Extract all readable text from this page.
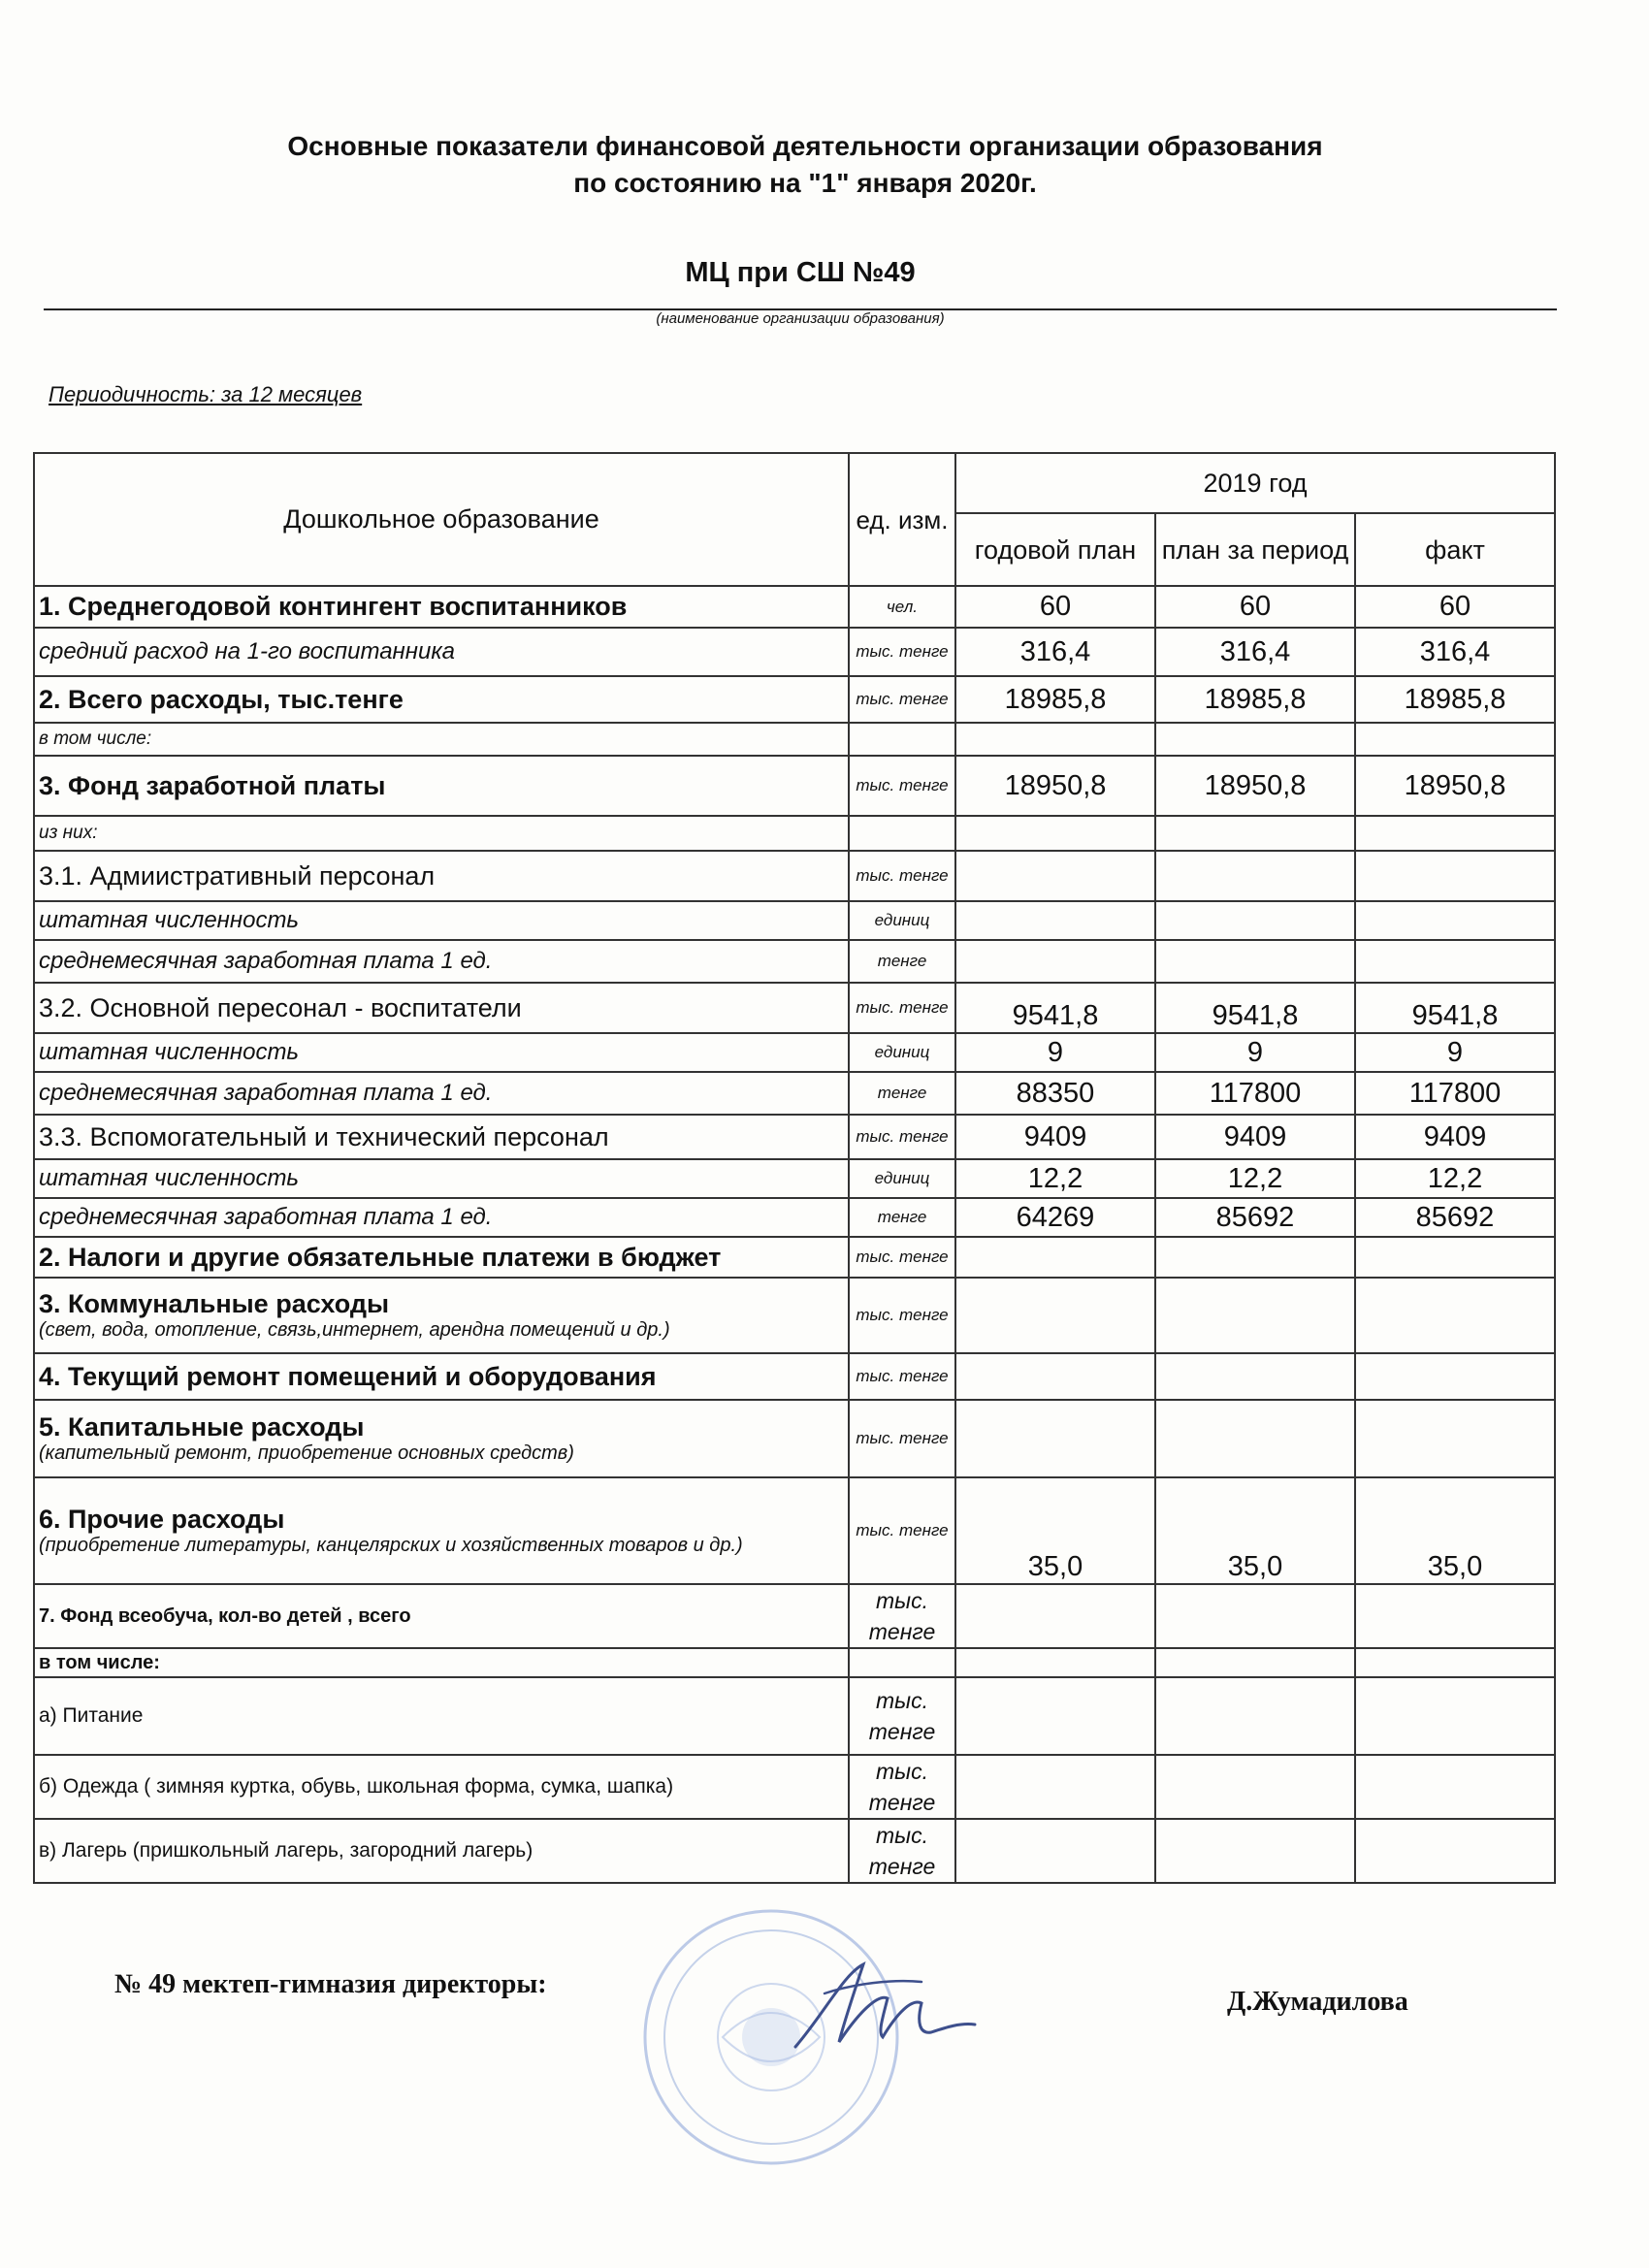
Основные показатели финансовой деятельности организации образования
по состоянию на "1" января 2020г.
МЦ при СШ №49
(наименование организации образования)
Периодичность: за 12 месяцев
Дошкольное образование	ед. изм.	2019 год		
		годовой план	план за период	факт
1. Среднегодовой контингент воспитанников	чел.	60	60	60
средний расход на 1-го воспитанника	тыс. тенге	316,4	316,4	316,4
2. Всего расходы, тыс.тенге	тыс. тенге	18985,8	18985,8	18985,8
в том числе:				
3. Фонд заработной платы	тыс. тенге	18950,8	18950,8	18950,8
из них:				
3.1. Адмиистративный персонал	тыс. тенге			
штатная численность	единиц			
среднемесячная заработная плата 1 ед.	тенге			
3.2. Основной пересонал - воспитатели	тыс. тенге	9541,8	9541,8	9541,8
штатная численность	единиц	9	9	9
среднемесячная заработная плата 1 ед.	тенге	88350	117800	117800
3.3. Вспомогательный и технический персонал	тыс. тенге	9409	9409	9409
штатная численность	единиц	12,2	12,2	12,2
среднемесячная заработная плата 1 ед.	тенге	64269	85692	85692
2. Налоги и другие обязательные платежи в бюджет	тыс. тенге			
3. Коммунальные расходы
(свет, вода, отопление, связь,интернет, арендна помещений и др.)	тыс. тенге			
4. Текущий ремонт помещений и оборудования	тыс. тенге			
5. Капитальные расходы
(капительный ремонт, приобретение основных средств)	тыс. тенге			
6. Прочие расходы
(приобретение литературы, канцелярских и хозяйственных товаров и др.)	тыс. тенге	35,0	35,0	35,0
7. Фонд всеобуча, кол-во детей , всего	тыс. тенге			
в том числе:				
а) Питание	тыс. тенге			
б) Одежда ( зимняя куртка, обувь, школьная форма, сумка, шапка)	тыс. тенге			
в) Лагерь (пришкольный лагерь, загородний лагерь)	тыс. тенге			
№ 49 мектеп-гимназия директоры:
Д.Жумадилова
